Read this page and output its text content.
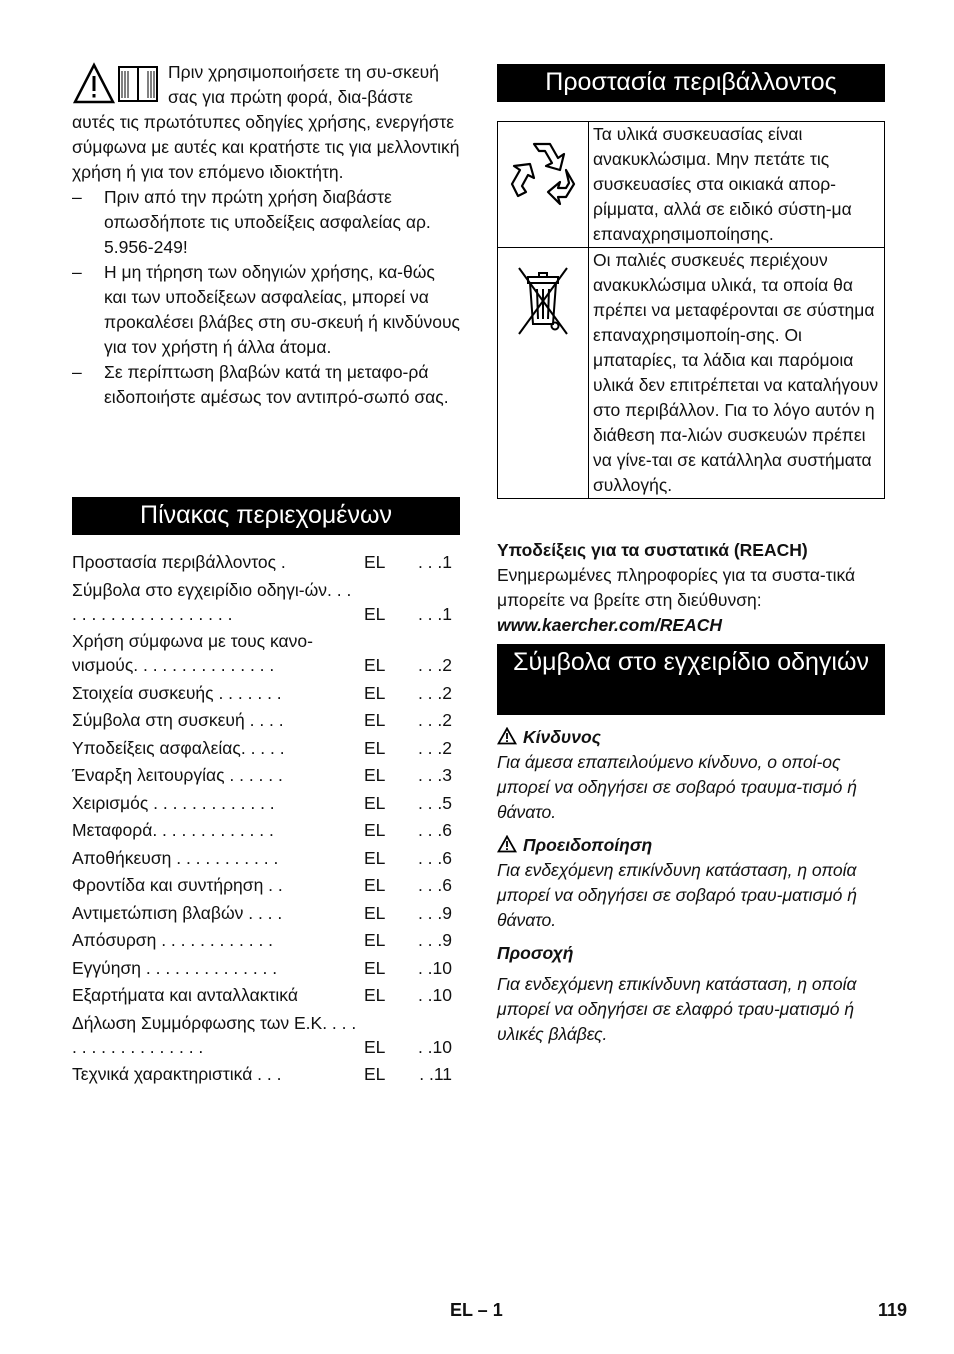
Πριν χρησιμοποιήσετε τη συ-σκευή σας για πρώτη φορά, δια-βάστε αυτές τις πρωτότυπες οδηγίες χρήσης, ενεργήστε σύμφωνα με αυτές και κρατήστε τις για μελλοντική χρήση ή για τον επόμενο ιδιοκτήτη.
– Πριν από την πρώτη χρήση διαβάστε οπωσδήποτε τις υποδείξεις ασφαλείας αρ. 5.956-249!
– Η μη τήρηση των οδηγιών χρήσης, κα-θώς και των υποδείξεων ασφαλείας, μπορεί να προκαλέσει βλάβες στη συ-σκευή ή κινδύνους για τον χρήστη ή άλλα άτομα.
– Σε περίπτωση βλαβών κατά τη μεταφο-ρά ειδοποιήστε αμέσως τον αντιπρό-σωπό σας.
Πίνακας περιεχομένων
Προστασία περιβάλλοντος .	EL . . .1
Σύμβολα στο εγχειρίδιο οδηγι-ών. . . . . . . . . . . . . . . . . . . .	EL . . .1
Χρήση σύμφωνα με τους κανο-νισμούς. . . . . . . . . . . . . . .	EL . . .2
Στοιχεία συσκευής . . . . . . .	EL . . .2
Σύμβολα στη συσκευή . . . .	EL . . .2
Υποδείξεις ασφαλείας. . . . .	EL . . .2
Έναρξη λειτουργίας . . . . . .	EL . . .3
Χειρισμός . . . . . . . . . . . . .	EL . . .5
Μεταφορά. . . . . . . . . . . . .	EL . . .6
Αποθήκευση . . . . . . . . . . .	EL . . .6
Φροντίδα και συντήρηση . .	EL . . .6
Αντιμετώπιση βλαβών . . . .	EL . . .9
Απόσυρση . . . . . . . . . . . .	EL . . .9
Εγγύηση . . . . . . . . . . . . . .	EL . .10
Εξαρτήματα και ανταλλακτικά	EL . .10
Δήλωση Συμμόρφωσης των Ε.Κ. . . . . . . . . . . . . . . . . .	EL . .10
Τεχνικά χαρακτηριστικά . . .	EL . .11
Προστασία περιβάλλοντος
	Τα υλικά συσκευασίας είναι ανακυκλώσιμα. Μην πετάτε τις συσκευασίες στα οικιακά απορ-ρίμματα, αλλά σε ειδικό σύστη-μα επαναχρησιμοποίησης.
	Οι παλιές συσκευές περιέχουν ανακυκλώσιμα υλικά, τα οποία θα πρέπει να μεταφέρονται σε σύστημα επαναχρησιμοποίη-σης. Οι μπαταρίες, τα λάδια και παρόμοια υλικά δεν επιτρέπεται να καταλήγουν στο περιβάλλον. Για το λόγο αυτόν η διάθεση πα-λιών συσκευών πρέπει να γίνε-ται σε κατάλληλα συστήματα συλλογής.
Υποδείξεις για τα συστατικά (REACH)
Ενημερωμένες πληροφορίες για τα συστα-τικά μπορείτε να βρείτε στη διεύθυνση:
www.kaercher.com/REACH
Σύμβολα στο εγχειρίδιο οδηγιών
Κίνδυνος
Για άμεσα επαπειλούμενο κίνδυνο, ο οποί-ος μπορεί να οδηγήσει σε σοβαρό τραυμα-τισμό ή θάνατο.
Προειδοποίηση
Για ενδεχόμενη επικίνδυνη κατάσταση, η οποία μπορεί να οδηγήσει σε σοβαρό τραυ-ματισμό ή θάνατο.
Προσοχή
Για ενδεχόμενη επικίνδυνη κατάσταση, η οποία μπορεί να οδηγήσει σε ελαφρό τραυ-ματισμό ή υλικές βλάβες.
EL – 1	119
